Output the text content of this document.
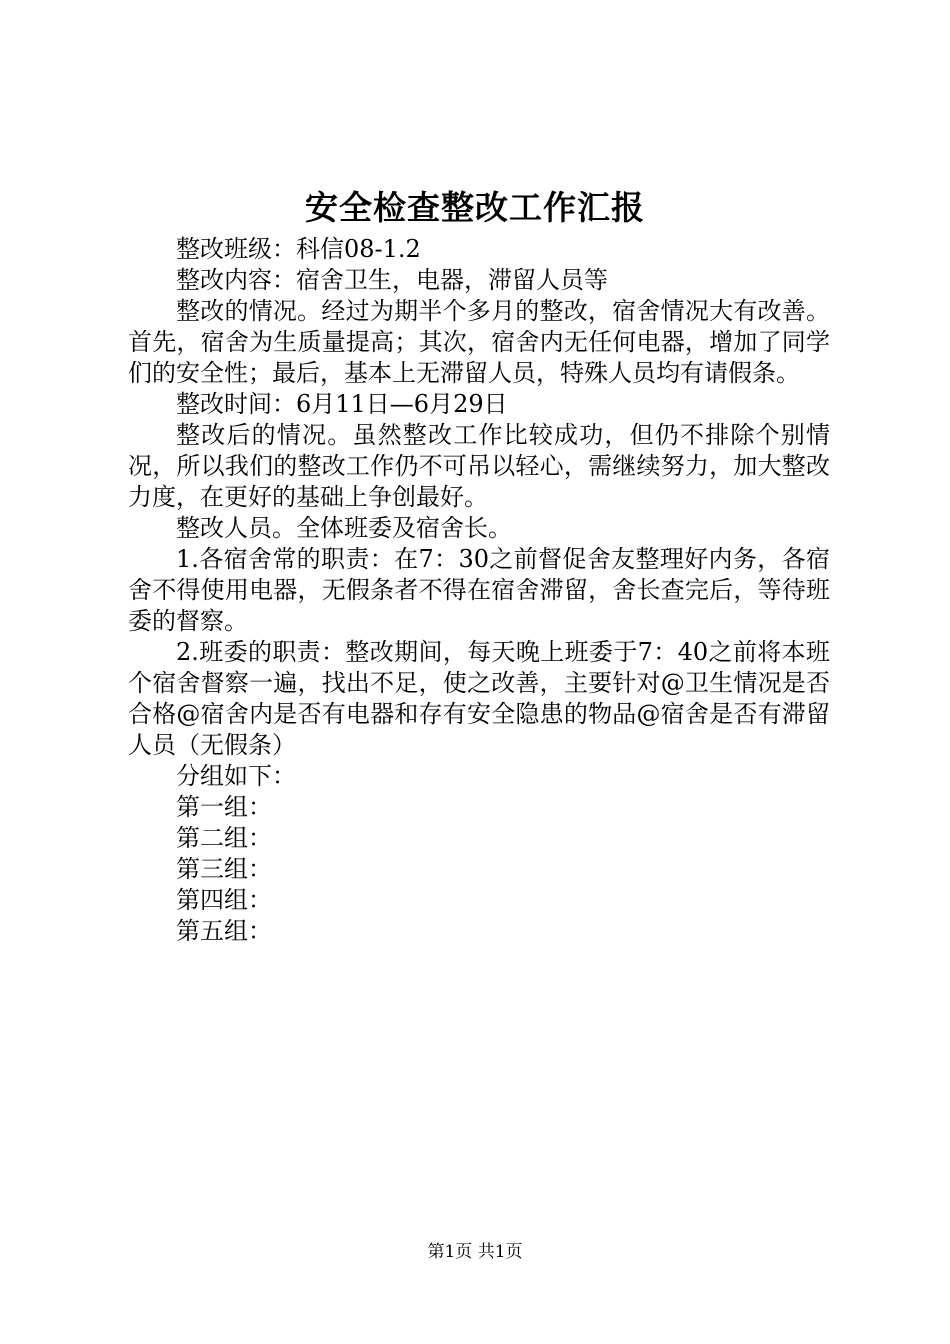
安全检查整改工作汇报

整改班级：科信08-1.2

整改内容：宿舍卫生，电器，滞留人员等

整改的情况。经过为期半个多月的整改，宿舍情况大有改善。首先，宿舍为生质量提高；其次，宿舍内无任何电器，增加了同学们的安全性；最后，基本上无滞留人员，特殊人员均有请假条。

整改时间：6月11日—6月29日

整改后的情况。虽然整改工作比较成功，但仍不排除个别情况，所以我们的整改工作仍不可吊以轻心，需继续努力，加大整改力度，在更好的基础上争创最好。

整改人员。全体班委及宿舍长。

1.各宿舍常的职责：在7：30之前督促舍友整理好内务，各宿舍不得使用电器，无假条者不得在宿舍滞留，舍长查完后，等待班委的督察。

2.班委的职责：整改期间，每天晚上班委于7：40之前将本班个宿舍督察一遍，找出不足，使之改善，主要针对@卫生情况是否合格@宿舍内是否有电器和存有安全隐患的物品@宿舍是否有滞留人员（无假条）

分组如下：

第一组：

第二组：

第三组：

第四组：

第五组：

第1页 共1页
